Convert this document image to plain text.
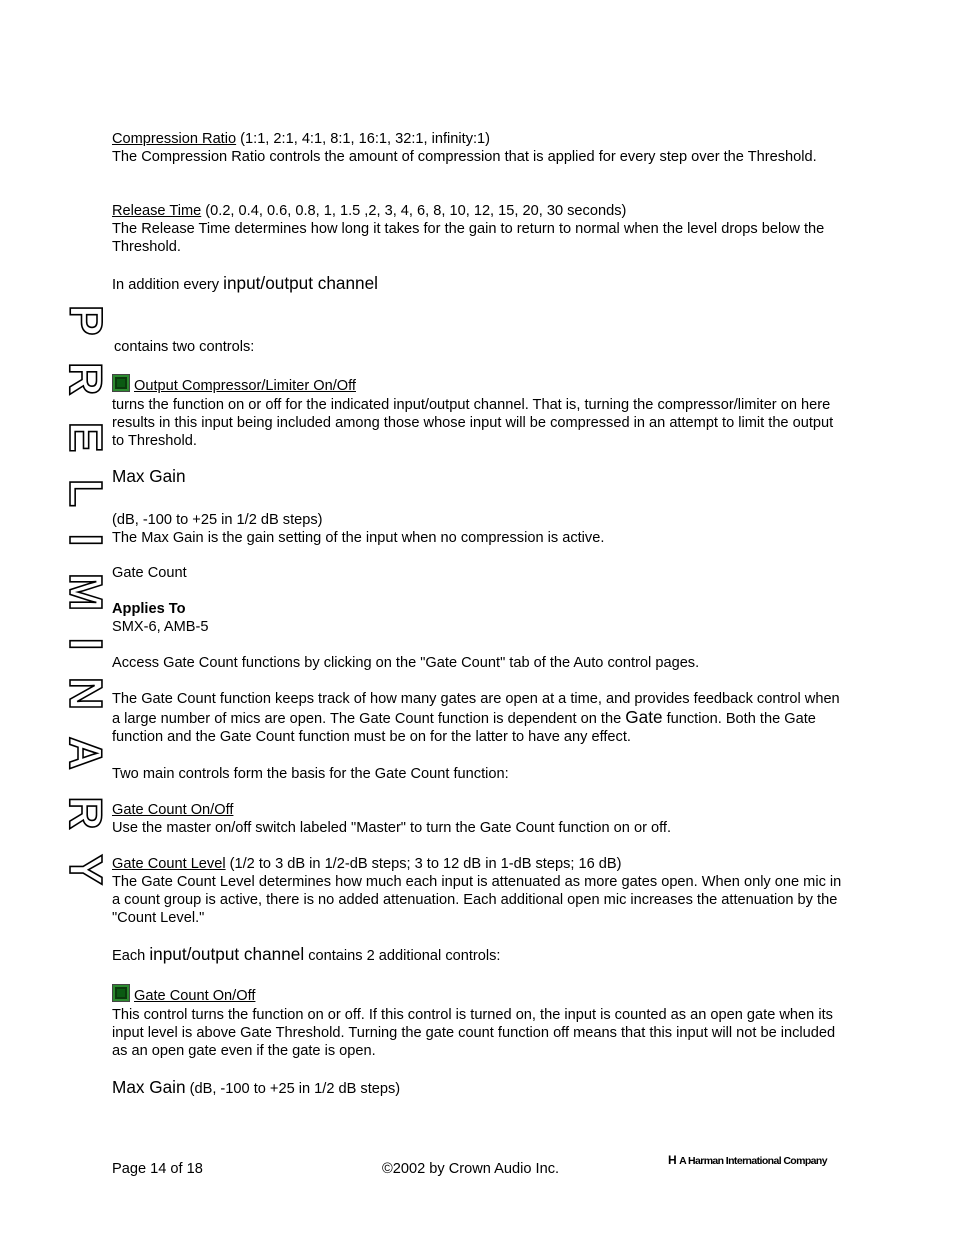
PRELIMINARY
Compression Ratio (1:1, 2:1, 4:1, 8:1, 16:1, 32:1, infinity:1)
The Compression Ratio controls the amount of compression that is applied for every step over the Threshold.
Release Time (0.2, 0.4, 0.6, 0.8, 1, 1.5 ,2, 3, 4, 6, 8, 10, 12, 15, 20, 30 seconds)
The Release Time determines how long it takes for the gain to return to normal when the level drops below the Threshold.
In addition every input/output channel
contains two controls:
Output Compressor/Limiter On/Off
turns the function on or off for the indicated input/output channel. That is, turning the compressor/limiter on here results in this input being included among those whose input will be compressed in an attempt to limit the output to Threshold.
Max Gain
(dB, -100 to +25 in 1/2 dB steps)
The Max Gain is the gain setting of the input when no compression is active.
Gate Count
Applies To
SMX-6, AMB-5
Access Gate Count functions by clicking on the "Gate Count" tab of the Auto control pages.
The Gate Count function keeps track of how many gates are open at a time, and provides feedback control when a large number of mics are open. The Gate Count function is dependent on the Gate function. Both the Gate function and the Gate Count function must be on for the latter to have any effect.
Two main controls form the basis for the Gate Count function:
Gate Count On/Off
Use the master on/off switch labeled "Master" to turn the Gate Count function on or off.
Gate Count Level (1/2 to 3 dB in 1/2-dB steps; 3 to 12 dB in 1-dB steps; 16 dB)
The Gate Count Level determines how much each input is attenuated as more gates open. When only one mic in a count group is active, there is no added attenuation. Each additional open mic increases the attenuation by the "Count Level."
Each input/output channel contains 2 additional controls:
Gate Count On/Off
This control turns the function on or off. If this control is turned on, the input is counted as an open gate when its input level is above Gate Threshold. Turning the gate count function off means that this input will not be included as an open gate even if the gate is open.
Max Gain (dB, -100 to +25 in 1/2 dB steps)
Page 14 of 18	©2002 by Crown Audio Inc.
H A Harman International Company
